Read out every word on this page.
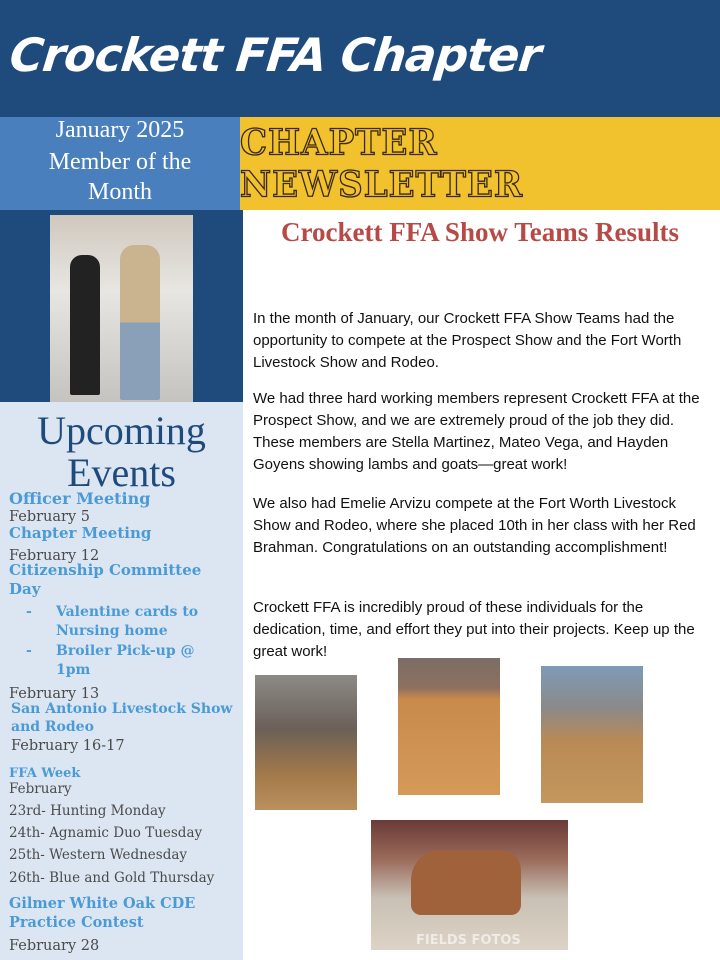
Crockett FFA Chapter
January 2025
Member of the Month
CHAPTER NEWSLETTER
Upcoming Events
Officer Meeting
February 5
Chapter Meeting
February 12
Citizenship Committee Day
- Valentine cards to Nursing home
- Broiler Pick-up @ 1pm
February 13
San Antonio Livestock Show and Rodeo
February 16-17
FFA Week
February
23rd- Hunting Monday
24th- Agnamic Duo Tuesday
25th- Western Wednesday
26th- Blue and Gold Thursday
Gilmer White Oak CDE Practice Contest
February 28
Crockett FFA Show Teams Results

In the month of January, our Crockett FFA Show Teams had the opportunity to compete at the Prospect Show and the Fort Worth Livestock Show and Rodeo.

We had three hard working members represent Crockett FFA at the Prospect Show, and we are extremely proud of the job they did. These members are Stella Martinez, Mateo Vega, and Hayden Goyens showing lambs and goats—great work!

We also had Emelie Arvizu compete at the Fort Worth Livestock Show and Rodeo, where she placed 10th in her class with her Red Brahman. Congratulations on an outstanding accomplishment!

Crockett FFA is incredibly proud of these individuals for the dedication, time, and effort they put into their projects. Keep up the great work!

FIELDS FOTOS
